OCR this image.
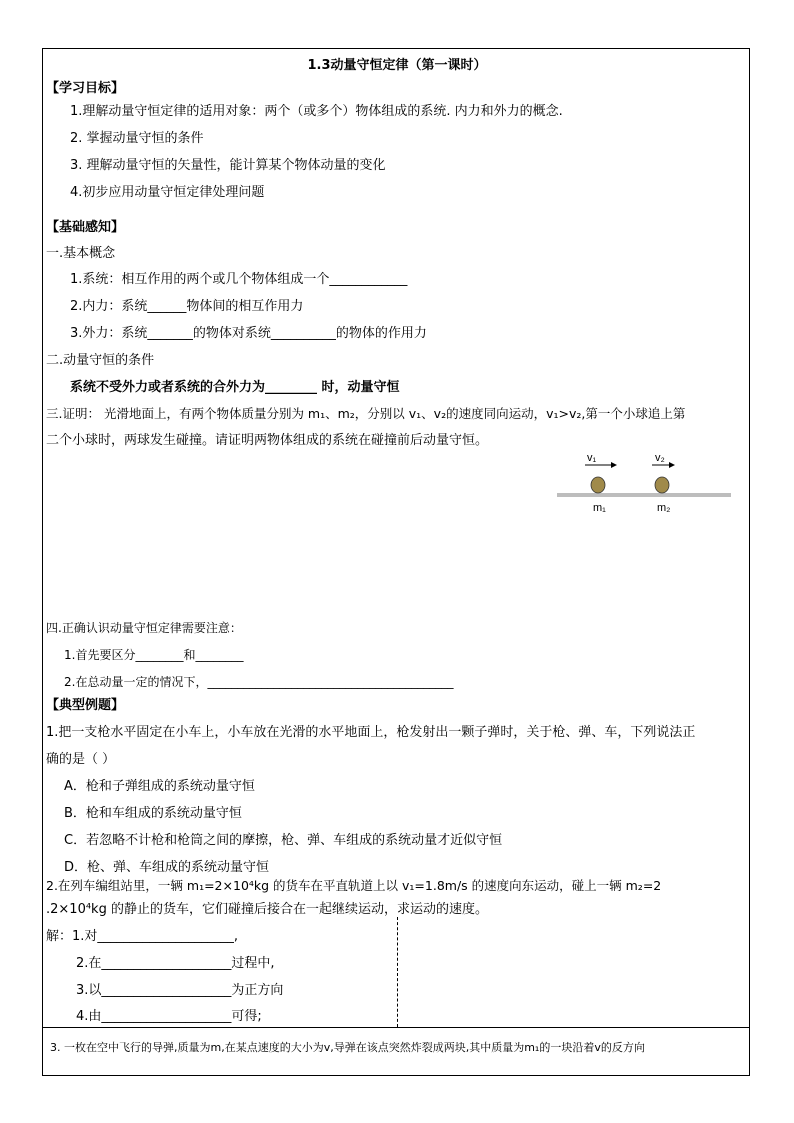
1.3动量守恒定律（第一课时）
【学习目标】
1.理解动量守恒定律的适用对象：两个（或多个）物体组成的系统. 内力和外力的概念.
2. 掌握动量守恒的条件
3. 理解动量守恒的矢量性，能计算某个物体动量的变化
4.初步应用动量守恒定律处理问题
【基础感知】
一.基本概念
1.系统：相互作用的两个或几个物体组成一个____________
2.内力：系统______物体间的相互作用力
3.外力：系统_______的物体对系统__________的物体的作用力
二.动量守恒的条件
系统不受外力或者系统的合外力为________ 时，动量守恒
三.证明： 光滑地面上，有两个物体质量分别为 m₁、m₂，分别以 v₁、v₂的速度同向运动，v₁>v₂,第一个小球追上第
二个小球时，两球发生碰撞。请证明两物体组成的系统在碰撞前后动量守恒。
v₁	v₂
m₁	m₂
四.正确认识动量守恒定律需要注意：
1.首先要区分________和________
2.在总动量一定的情况下，_________________________________________
【典型例题】
1.把一支枪水平固定在小车上，小车放在光滑的水平地面上，枪发射出一颗子弹时，关于枪、弹、车，下列说法正
确的是（ ）
A．枪和子弹组成的系统动量守恒
B．枪和车组成的系统动量守恒
C．若忽略不计枪和枪筒之间的摩擦，枪、弹、车组成的系统动量才近似守恒
D．枪、弹、车组成的系统动量守恒
2.在列车编组站里，一辆 m₁=2×10⁴kg 的货车在平直轨道上以 v₁=1.8m/s 的速度向东运动，碰上一辆 m₂=2
.2×10⁴kg 的静止的货车，它们碰撞后接合在一起继续运动，求运动的速度。
解：1.对_____________________,
2.在____________________过程中,
3.以____________________为正方向
4.由____________________可得;
3. 一枚在空中飞行的导弹,质量为m,在某点速度的大小为v,导弹在该点突然炸裂成两块,其中质量为m₁的一块沿着v的反方向
